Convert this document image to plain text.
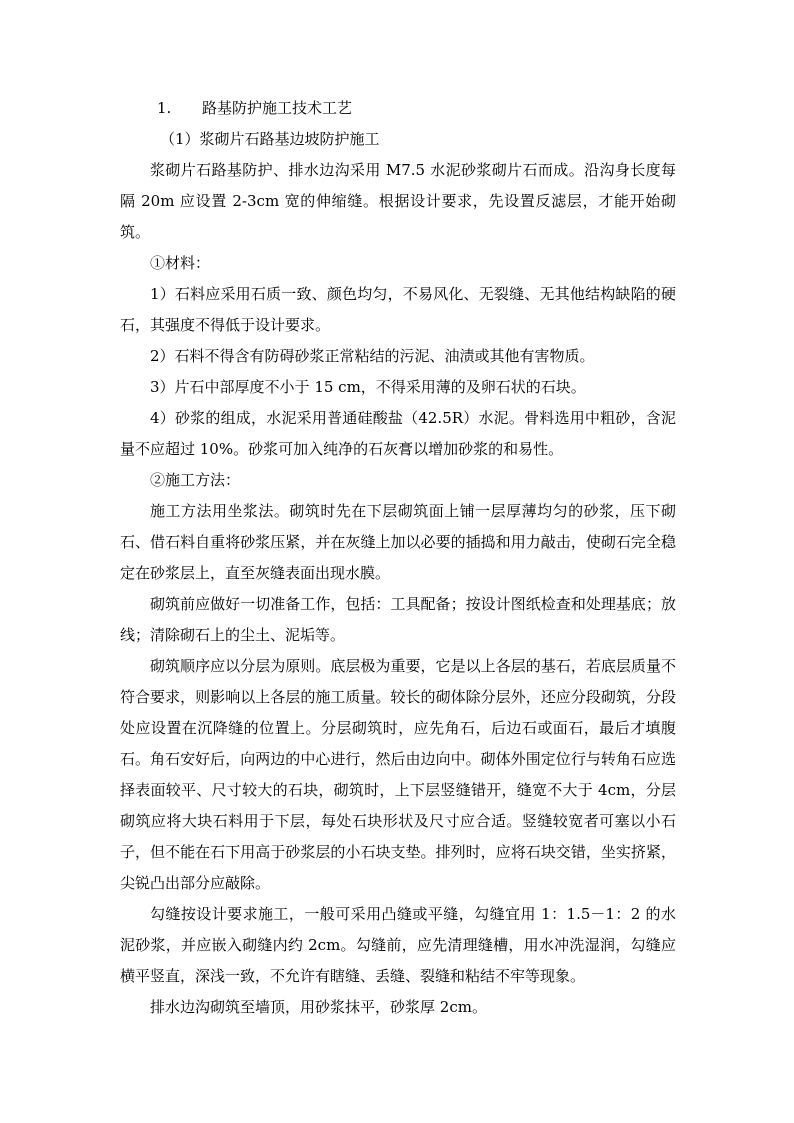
1. 路基防护施工技术工艺

（1）浆砌片石路基边坡防护施工

浆砌片石路基防护、排水边沟采用 M7.5 水泥砂浆砌片石而成。沿沟身长度每隔 20m 应设置 2-3cm 宽的伸缩缝。根据设计要求，先设置反滤层，才能开始砌筑。

①材料：

1）石料应采用石质一致、颜色均匀，不易风化、无裂缝、无其他结构缺陷的硬石，其强度不得低于设计要求。

2）石料不得含有防碍砂浆正常粘结的污泥、油渍或其他有害物质。

3）片石中部厚度不小于 15 cm，不得采用薄的及卵石状的石块。

4）砂浆的组成，水泥采用普通硅酸盐（42.5R）水泥。骨料选用中粗砂，含泥量不应超过 10%。砂浆可加入纯净的石灰膏以增加砂浆的和易性。

②施工方法：

施工方法用坐浆法。砌筑时先在下层砌筑面上铺一层厚薄均匀的砂浆，压下砌石、借石料自重将砂浆压紧，并在灰缝上加以必要的插捣和用力敲击，使砌石完全稳定在砂浆层上，直至灰缝表面出现水膜。

砌筑前应做好一切准备工作，包括：工具配备；按设计图纸检查和处理基底；放线；清除砌石上的尘土、泥垢等。

砌筑顺序应以分层为原则。底层极为重要，它是以上各层的基石，若底层质量不符合要求，则影响以上各层的施工质量。较长的砌体除分层外，还应分段砌筑，分段处应设置在沉降缝的位置上。分层砌筑时，应先角石，后边石或面石，最后才填腹石。角石安好后，向两边的中心进行，然后由边向中。砌体外围定位行与转角石应选择表面较平、尺寸较大的石块，砌筑时，上下层竖缝错开，缝宽不大于 4cm，分层砌筑应将大块石料用于下层，每处石块形状及尺寸应合适。竖缝较宽者可塞以小石子，但不能在石下用高于砂浆层的小石块支垫。排列时，应将石块交错，坐实挤紧，尖锐凸出部分应敲除。

勾缝按设计要求施工，一般可采用凸缝或平缝，勾缝宜用 1：1.5－1：2 的水泥砂浆，并应嵌入砌缝内约 2cm。勾缝前，应先清理缝槽，用水冲洗湿润，勾缝应横平竖直，深浅一致，不允许有瞎缝、丢缝、裂缝和粘结不牢等现象。

排水边沟砌筑至墙顶，用砂浆抹平，砂浆厚 2cm。
